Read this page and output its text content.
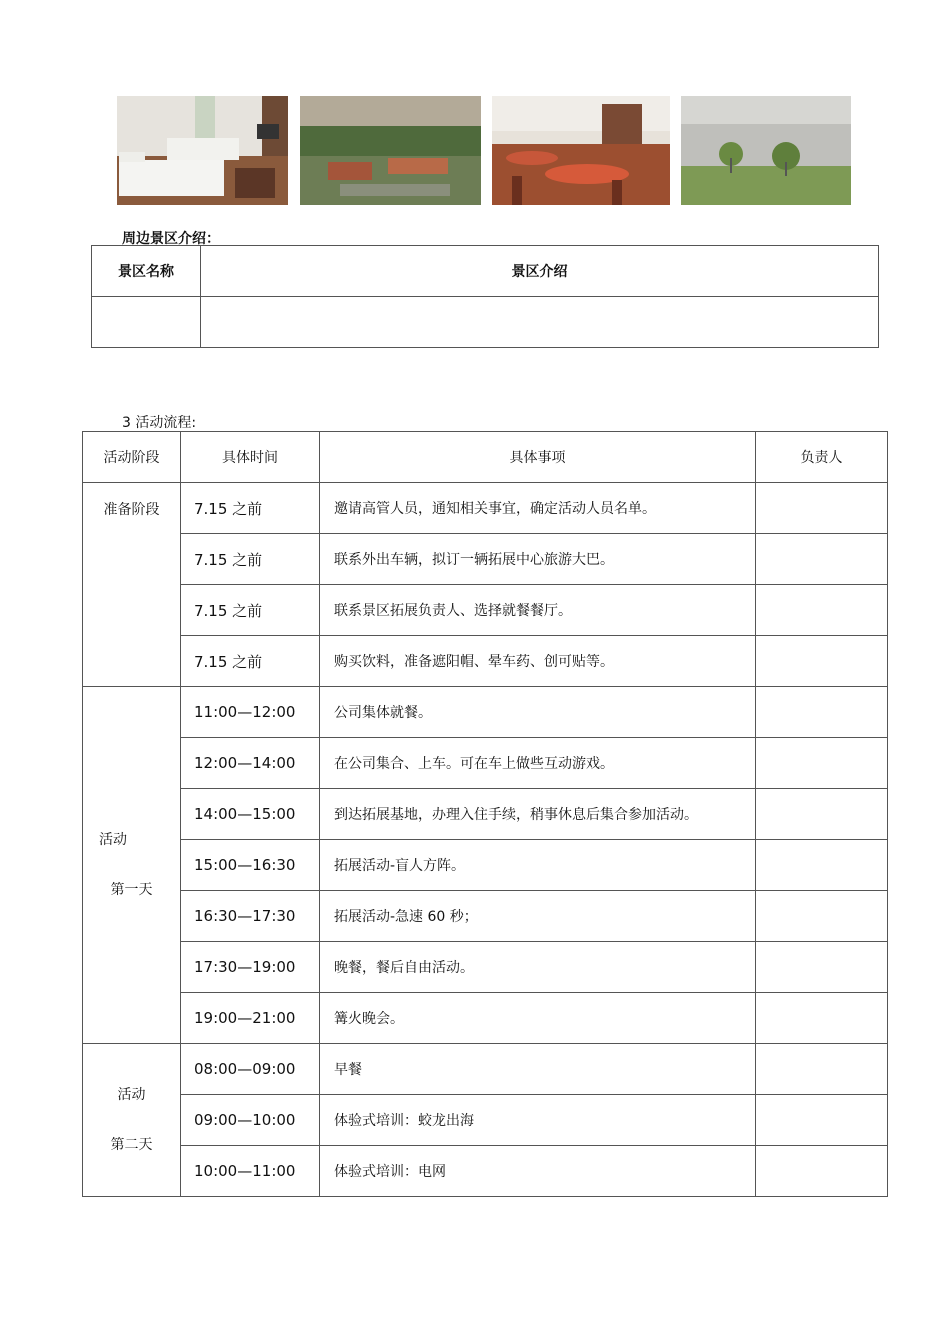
周边景区介绍：
景区名称	景区介绍

3 活动流程:
活动阶段	具体时间	具体事项	负责人

准备阶段	7.15 之前	邀请高管人员，通知相关事宜，确定活动人员名单。	
	7.15 之前	联系外出车辆，拟订一辆拓展中心旅游大巴。	
	7.15 之前	联系景区拓展负责人、选择就餐餐厅。	
	7.15 之前	购买饮料，准备遮阳帽、晕车药、创可贴等。	

活动
第一天	11:00—12:00	公司集体就餐。	
	12:00—14:00	在公司集合、上车。可在车上做些互动游戏。	
	14:00—15:00	到达拓展基地，办理入住手续，稍事休息后集合参加活动。	
	15:00—16:30	拓展活动-盲人方阵。	
	16:30—17:30	拓展活动-急速 60 秒；	
	17:30—19:00	晚餐，餐后自由活动。	
	19:00—21:00	篝火晚会。	

活动
第二天	08:00—09:00	早餐	
	09:00—10:00	体验式培训：蛟龙出海	
	10:00—11:00	体验式培训：电网	
